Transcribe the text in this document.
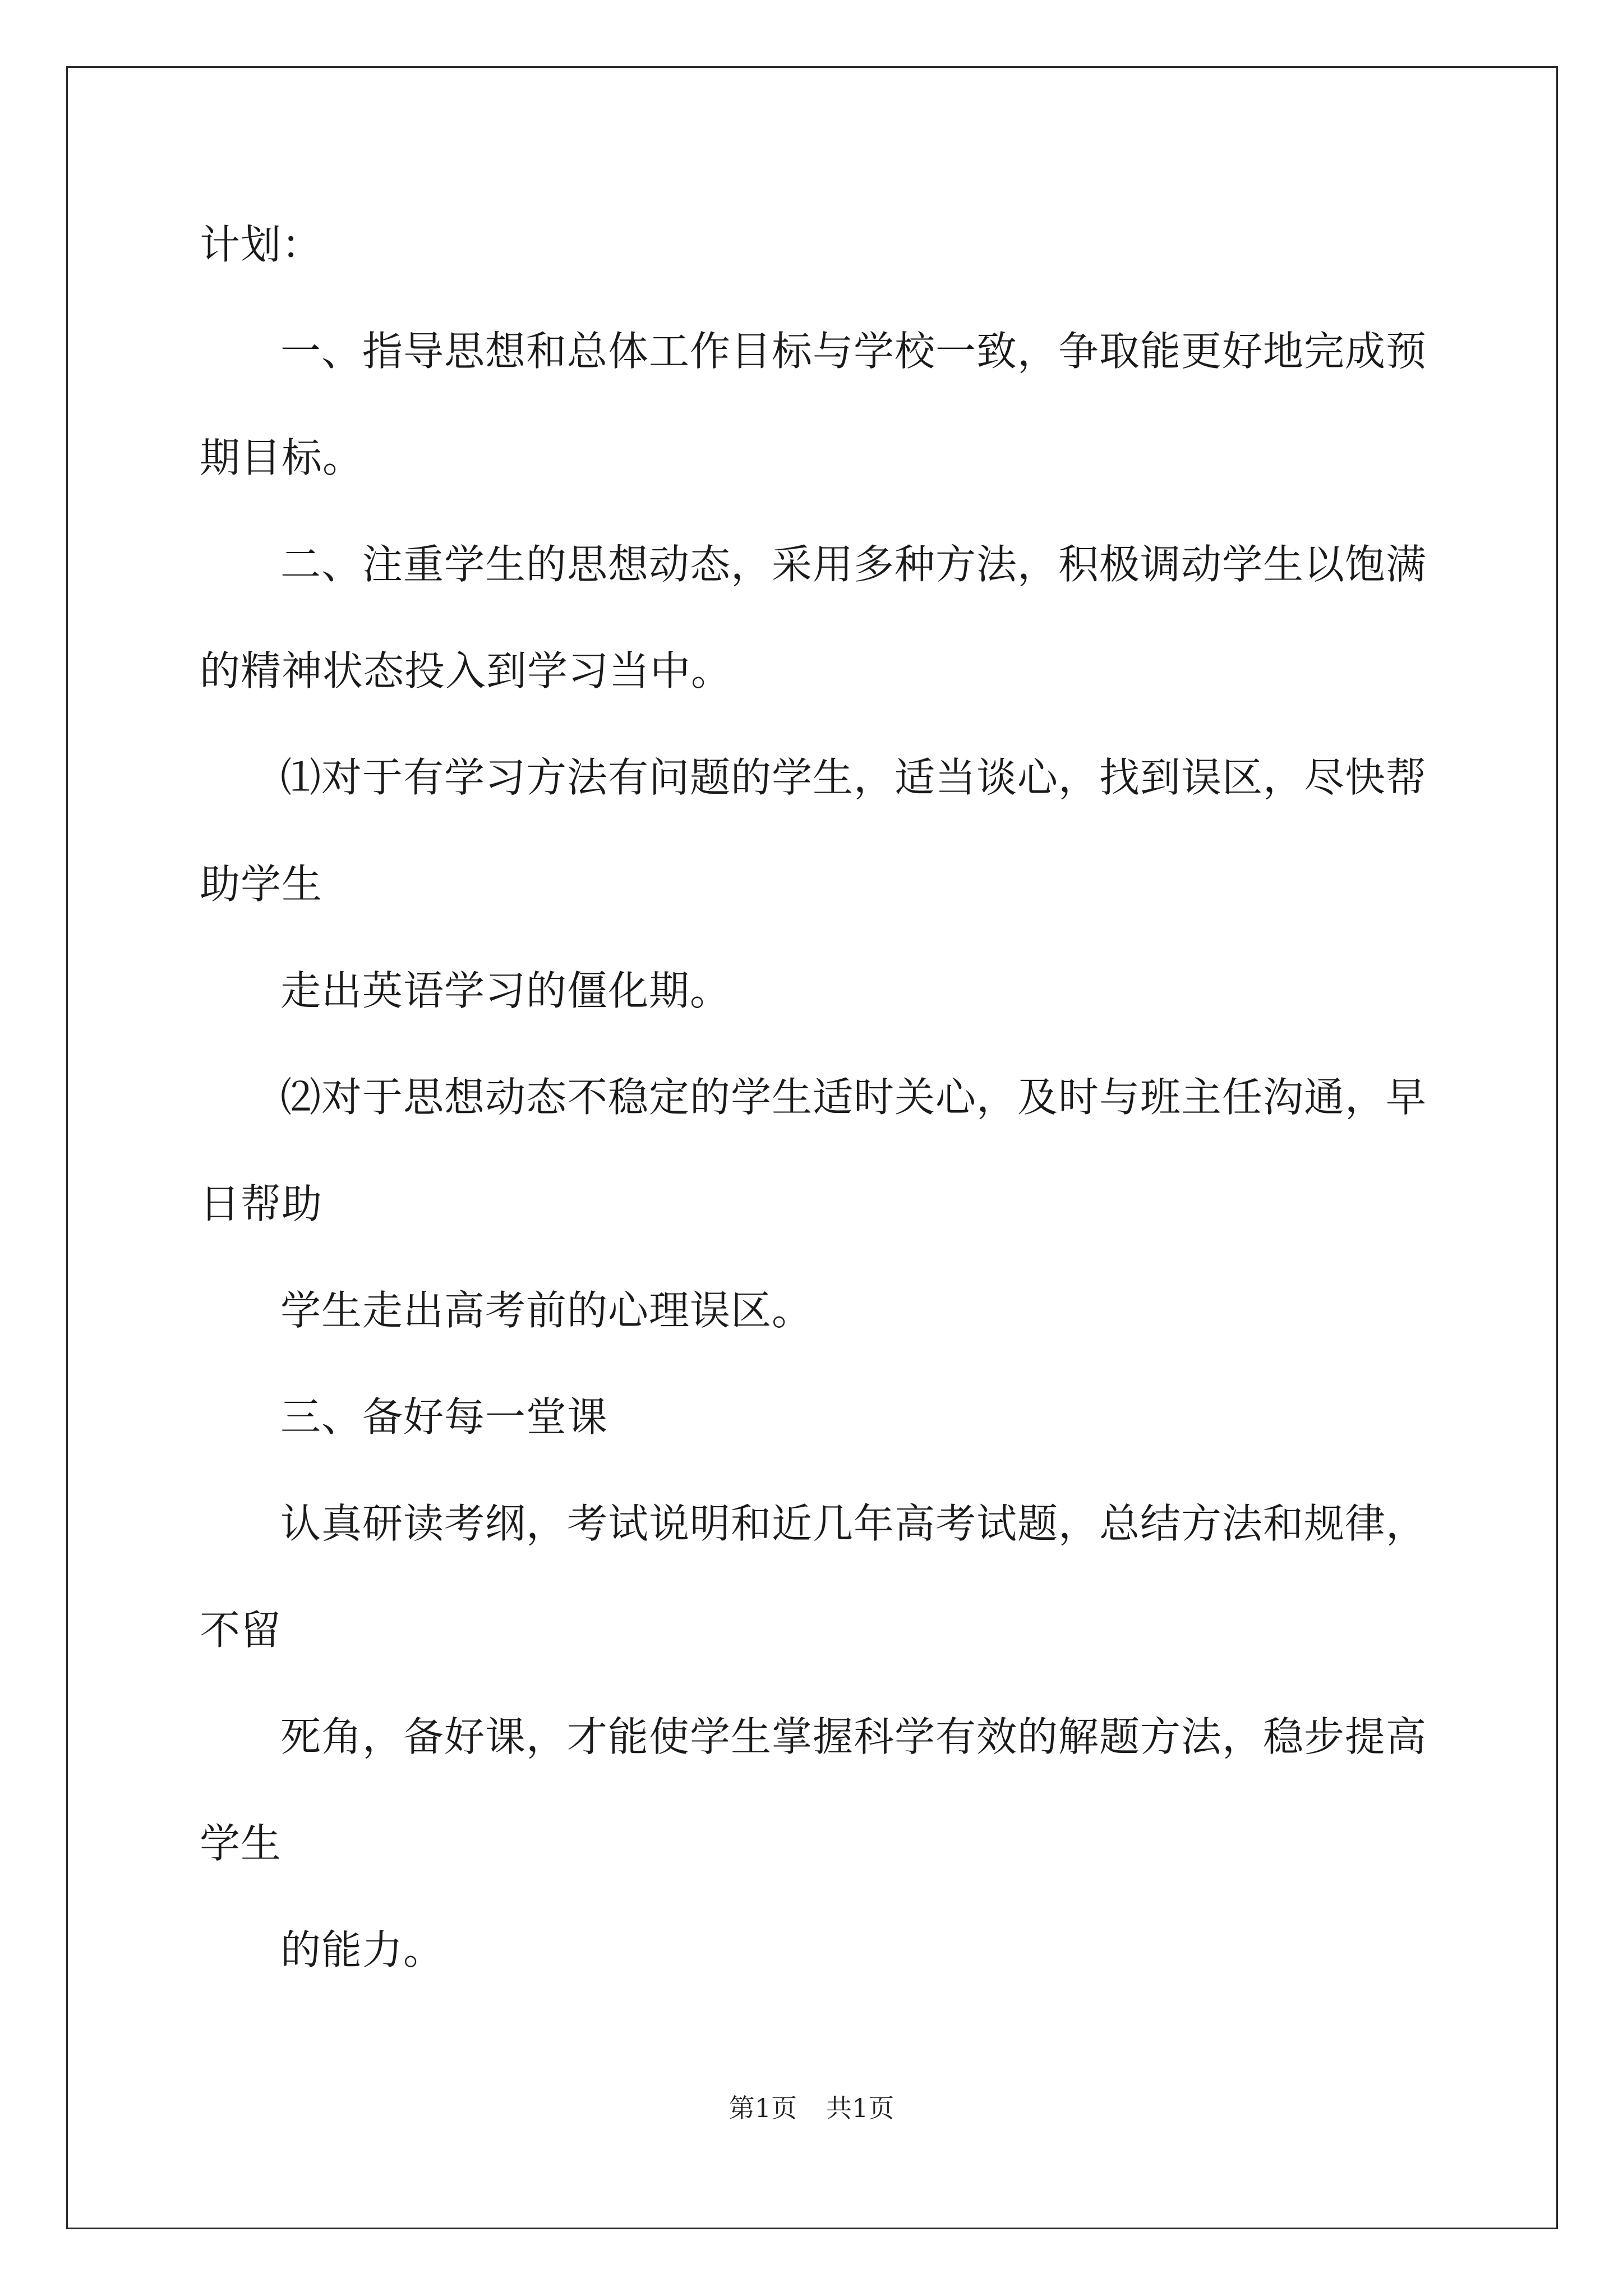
计划：
一、指导思想和总体工作目标与学校一致，争取能更好地完成预
期目标。
二、注重学生的思想动态，采用多种方法，积极调动学生以饱满
的精神状态投入到学习当中。
⑴对于有学习方法有问题的学生，适当谈心，找到误区，尽快帮
助学生
走出英语学习的僵化期。
⑵对于思想动态不稳定的学生适时关心，及时与班主任沟通，早
日帮助
学生走出高考前的心理误区。
三、备好每一堂课
认真研读考纲，考试说明和近几年高考试题，总结方法和规律，
不留
死角，备好课，才能使学生掌握科学有效的解题方法，稳步提高
学生
的能力。
第1页 共1页
